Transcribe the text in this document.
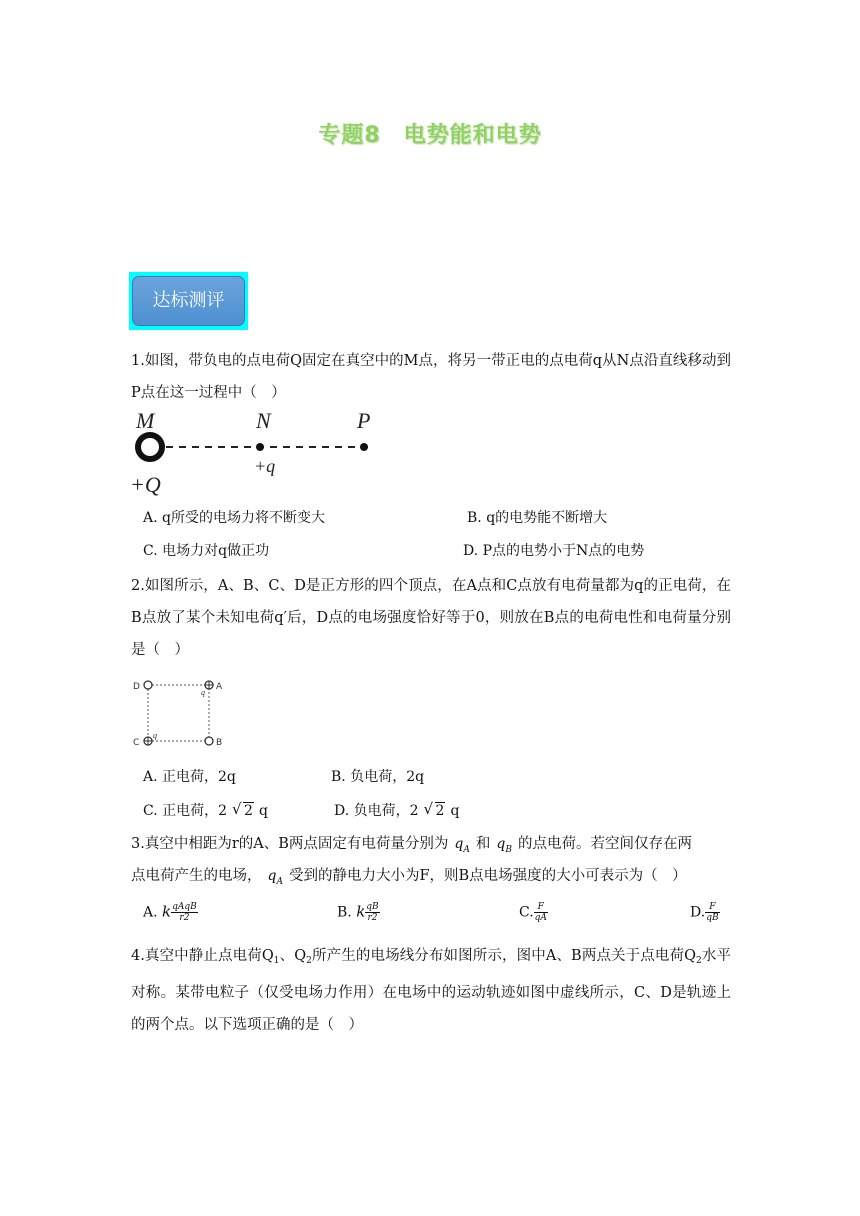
专题8　电势能和电势
达标测评
1.如图，带负电的点电荷Q固定在真空中的M点，将另一带正电的点电荷q从N点沿直线移动到P点在这一过程中（　）
M	N	P
+q
+Q
A. q所受的电场力将不断变大	B. q的电势能不断增大
C. 电场力对q做正功	D. P点的电势小于N点的电势
2.如图所示，A、B、C、D是正方形的四个顶点，在A点和C点放有电荷量都为q的正电荷，在B点放了某个未知电荷q′后，D点的电场强度恰好等于0，则放在B点的电荷电性和电荷量分别是（　）
D	A
C	B
q
q
A. 正电荷，2q	B. 负电荷，2q
C. 正电荷，2 √ 2 q	D. 负电荷，2 √ 2 q
3.真空中相距为r的A、B两点固定有电荷量分别为 $q_A$ 和 $q_B$ 的点电荷。若空间仅存在两
点电荷产生的电场， $q_A$ 受到的静电力大小为F，则B点电场强度的大小可表示为（　）
A. k $\frac{\text{qAqB}}{r2}$	B. k $\frac{qB}{r2}$	C. $\frac{F}{qA}$	D. $\frac{F}{qB}$
4.真空中静止点电荷$Q_1$、$Q_2$所产生的电场线分布如图所示，图中A、B两点关于点电荷$Q_2$水平对称。某带电粒子（仅受电场力作用）在电场中的运动轨迹如图中虚线所示，C、D是轨迹上的两个点。以下选项正确的是（　）
